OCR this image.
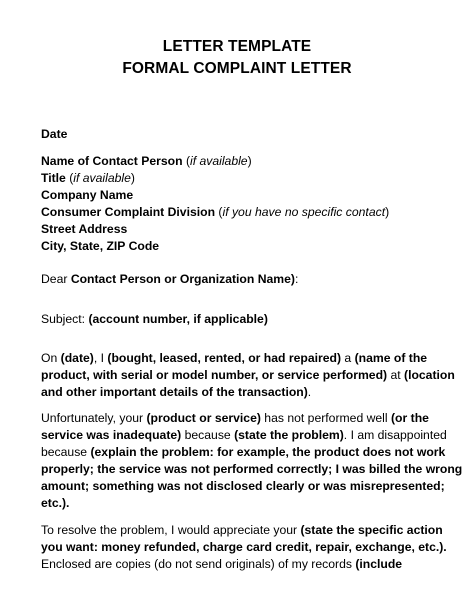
LETTER TEMPLATE
FORMAL COMPLAINT LETTER
Date
Name of Contact Person (if available)
Title (if available)
Company Name
Consumer Complaint Division (if you have no specific contact)
Street Address
City, State, ZIP Code
Dear Contact Person or Organization Name):
Subject: (account number, if applicable)
On (date), I (bought, leased, rented, or had repaired) a (name of the
product, with serial or model number, or service performed) at (location
and other important details of the transaction).
Unfortunately, your (product or service) has not performed well (or the
service was inadequate) because (state the problem). I am disappointed
because (explain the problem: for example, the product does not work
properly; the service was not performed correctly; I was billed the wrong
amount; something was not disclosed clearly or was misrepresented;
etc.).
To resolve the problem, I would appreciate your (state the specific action
you want: money refunded, charge card credit, repair, exchange, etc.).
Enclosed are copies (do not send originals) of my records (include
